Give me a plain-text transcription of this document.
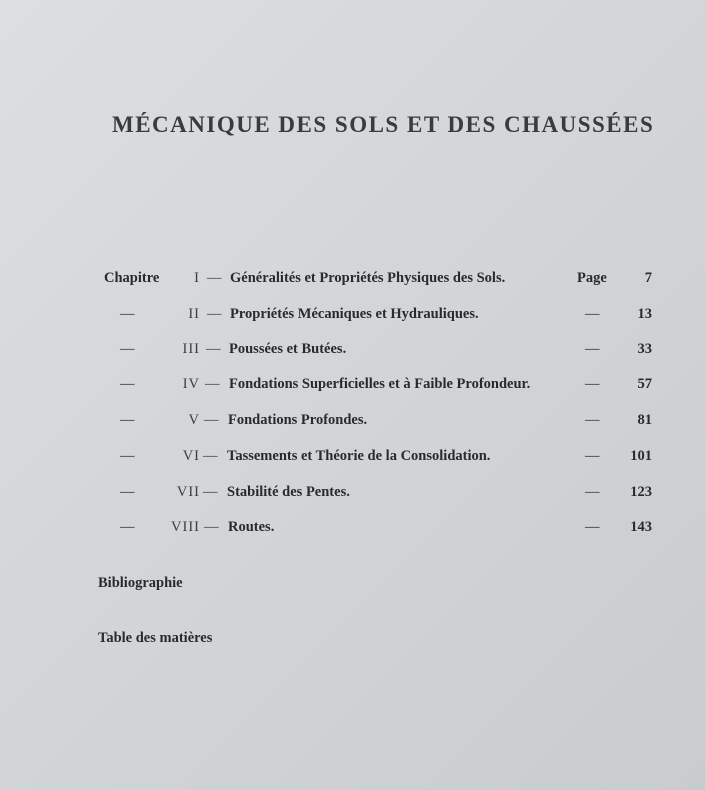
MÉCANIQUE DES SOLS ET DES CHAUSSÉES
Chapitre I — Généralités et Propriétés Physiques des Sols.	Page	7
—	II — Propriétés Mécaniques et Hydrauliques.	—	13
—	III — Poussées et Butées.	—	33
—	IV — Fondations Superficielles et à Faible Profondeur.	—	57
—	V — Fondations Profondes.	—	81
—	VI — Tassements et Théorie de la Consolidation.	— 101
—	VII — Stabilité des Pentes.	— 123
—	VIII — Routes.	— 143
Bibliographie
Table des matières
